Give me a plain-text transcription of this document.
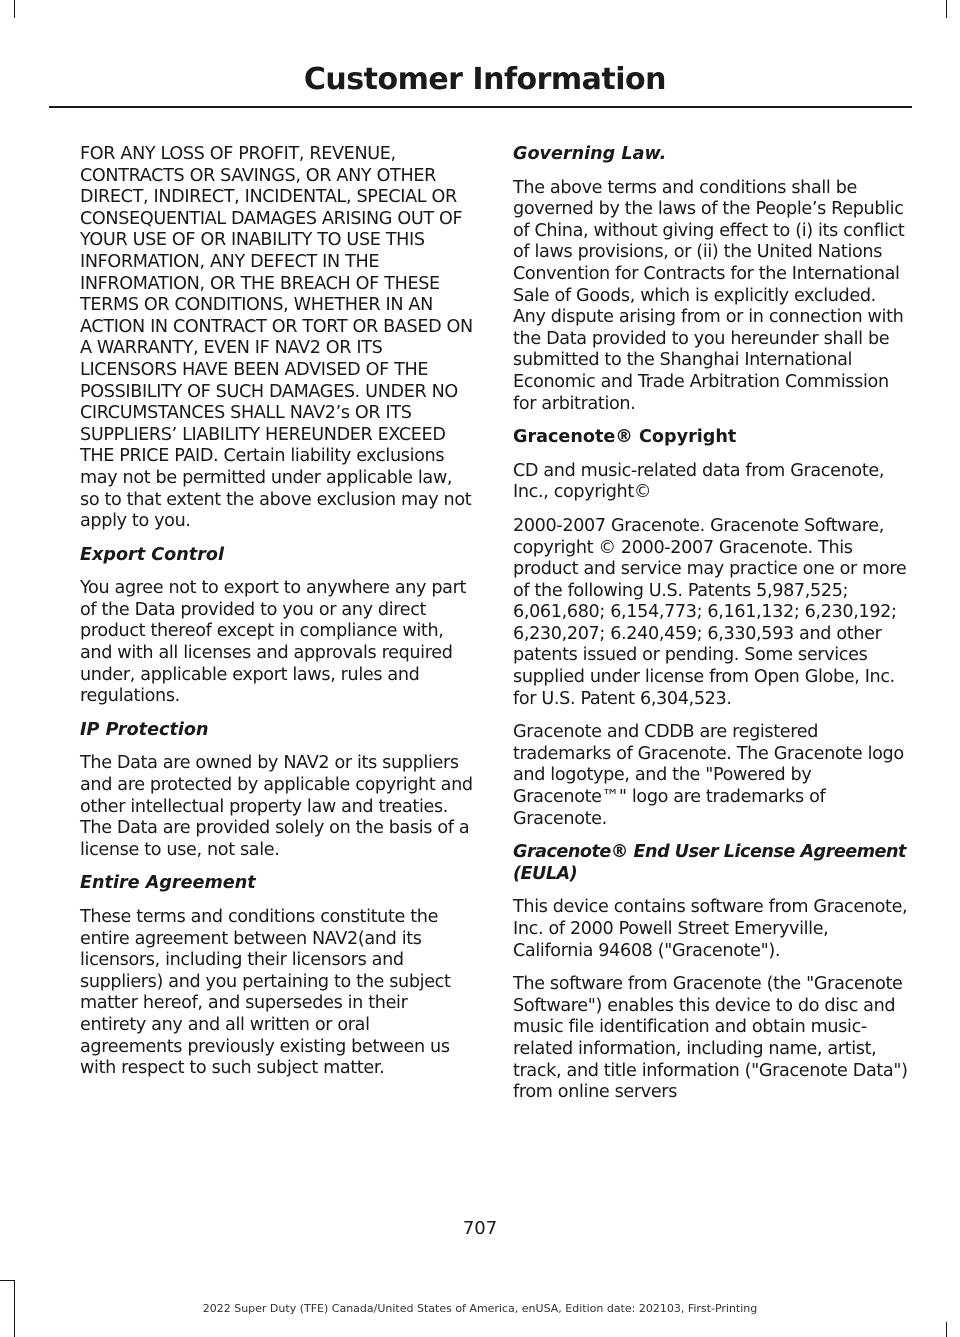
Customer Information

FOR ANY LOSS OF PROFIT, REVENUE, CONTRACTS OR SAVINGS, OR ANY OTHER DIRECT, INDIRECT, INCIDENTAL, SPECIAL OR CONSEQUENTIAL DAMAGES ARISING OUT OF YOUR USE OF OR INABILITY TO USE THIS INFORMATION, ANY DEFECT IN THE INFROMATION, OR THE BREACH OF THESE TERMS OR CONDITIONS, WHETHER IN AN ACTION IN CONTRACT OR TORT OR BASED ON A WARRANTY, EVEN IF NAV2 OR ITS LICENSORS HAVE BEEN ADVISED OF THE POSSIBILITY OF SUCH DAMAGES. UNDER NO CIRCUMSTANCES SHALL NAV2’s OR ITS SUPPLIERS’ LIABILITY HEREUNDER EXCEED THE PRICE PAID. Certain liability exclusions may not be permitted under applicable law, so to that extent the above exclusion may not apply to you.

Export Control

You agree not to export to anywhere any part of the Data provided to you or any direct product thereof except in compliance with, and with all licenses and approvals required under, applicable export laws, rules and regulations.

IP Protection

The Data are owned by NAV2 or its suppliers and are protected by applicable copyright and other intellectual property law and treaties. The Data are provided solely on the basis of a license to use, not sale.

Entire Agreement

These terms and conditions constitute the entire agreement between NAV2(and its licensors, including their licensors and suppliers) and you pertaining to the subject matter hereof, and supersedes in their entirety any and all written or oral agreements previously existing between us with respect to such subject matter.

Governing Law.

The above terms and conditions shall be governed by the laws of the People’s Republic of China, without giving effect to (i) its conflict of laws provisions, or (ii) the United Nations Convention for Contracts for the International Sale of Goods, which is explicitly excluded. Any dispute arising from or in connection with the Data provided to you hereunder shall be submitted to the Shanghai International Economic and Trade Arbitration Commission for arbitration.

Gracenote® Copyright

CD and music-related data from Gracenote, Inc., copyright©

2000-2007 Gracenote. Gracenote Software, copyright © 2000-2007 Gracenote. This product and service may practice one or more of the following U.S. Patents 5,987,525; 6,061,680; 6,154,773; 6,161,132; 6,230,192; 6,230,207; 6.240,459; 6,330,593 and other patents issued or pending. Some services supplied under license from Open Globe, Inc. for U.S. Patent 6,304,523.

Gracenote and CDDB are registered trademarks of Gracenote. The Gracenote logo and logotype, and the "Powered by Gracenote™" logo are trademarks of Gracenote.

Gracenote® End User License Agreement (EULA)

This device contains software from Gracenote, Inc. of 2000 Powell Street Emeryville, California 94608 ("Gracenote").

The software from Gracenote (the "Gracenote Software") enables this device to do disc and music file identification and obtain music-related information, including name, artist, track, and title information ("Gracenote Data") from online servers

707
2022 Super Duty (TFE) Canada/United States of America, enUSA, Edition date: 202103, First-Printing
